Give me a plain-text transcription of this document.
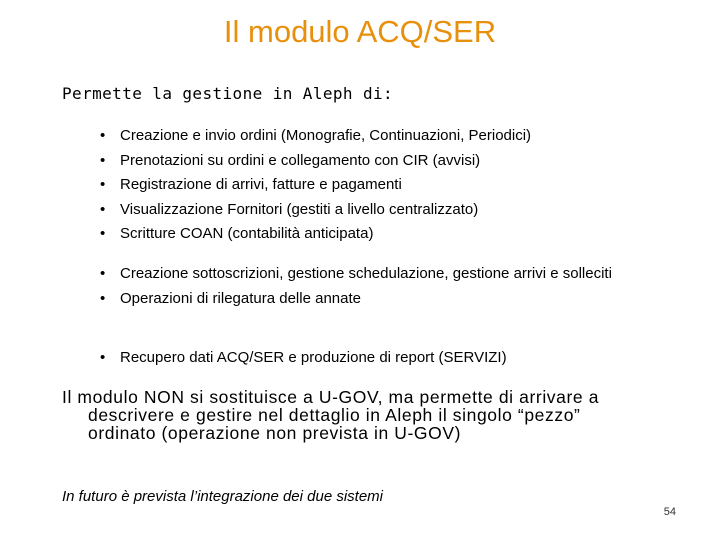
Il modulo ACQ/SER
Permette la gestione in Aleph di:
• Creazione e invio ordini (Monografie, Continuazioni, Periodici)
• Prenotazioni su ordini e collegamento con CIR (avvisi)
• Registrazione di arrivi, fatture e pagamenti
• Visualizzazione Fornitori (gestiti a livello centralizzato)
• Scritture COAN (contabilità anticipata)
• Creazione sottoscrizioni, gestione schedulazione, gestione arrivi e solleciti
• Operazioni di rilegatura delle annate
• Recupero dati ACQ/SER e produzione di report (SERVIZI)
Il modulo NON si sostituisce a U-GOV, ma permette di arrivare a descrivere e gestire nel dettaglio in Aleph il singolo “pezzo” ordinato (operazione non prevista in U-GOV)
In futuro è prevista l’integrazione dei due sistemi
54
